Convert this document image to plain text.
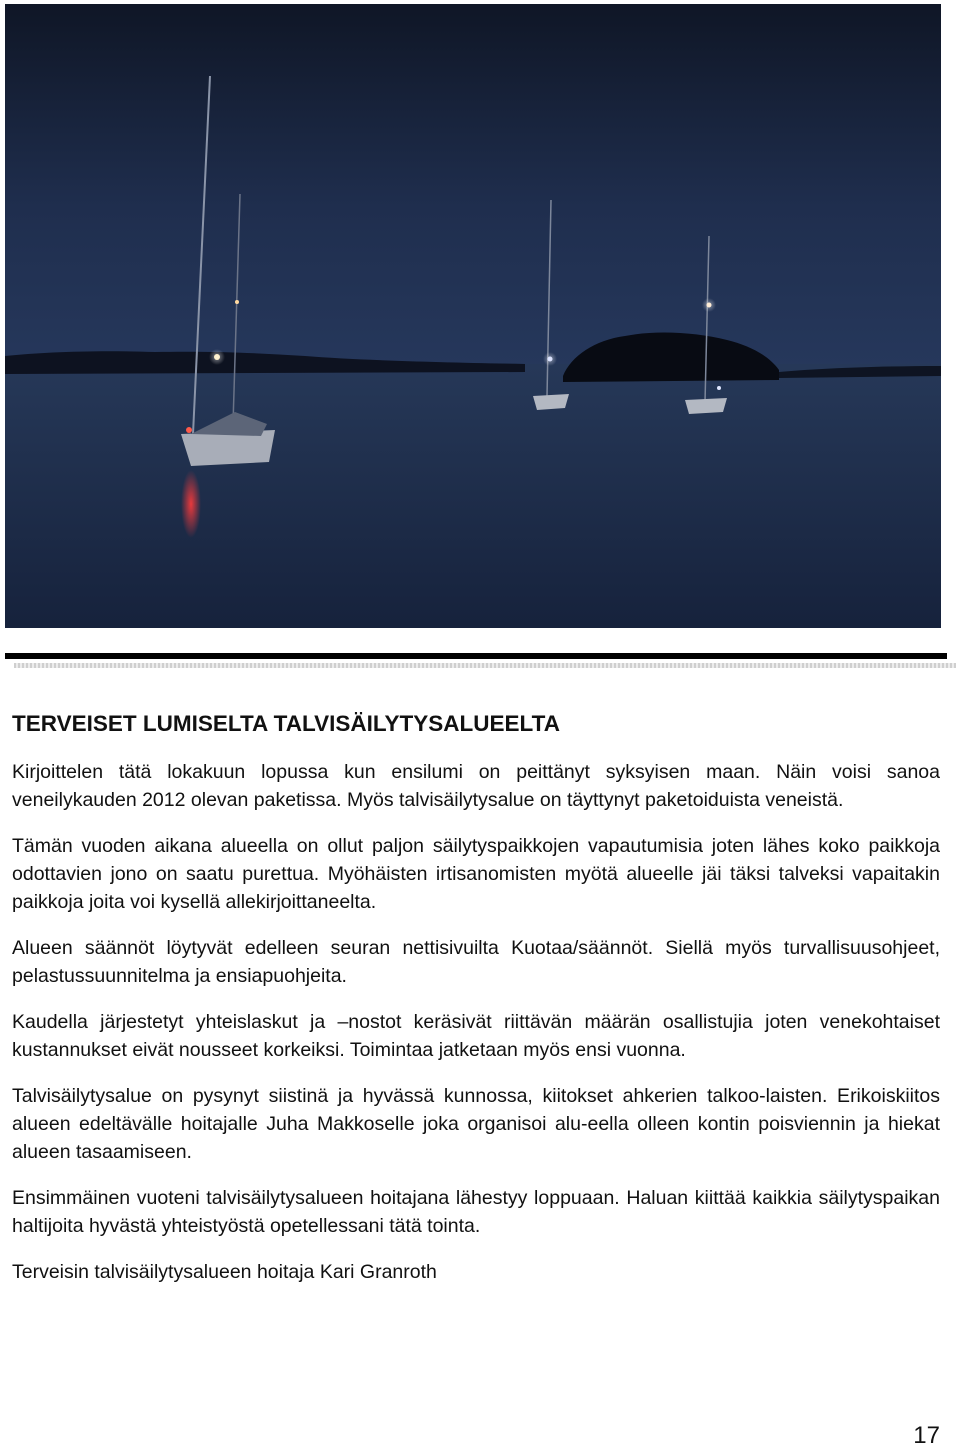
TERVEISET LUMISELTA TALVISÄILYTYSALUEELTA

Kirjoittelen tätä lokakuun lopussa kun ensilumi on peittänyt syksyisen maan. Näin voisi sanoa veneilykauden 2012 olevan paketissa. Myös talvisäilytysalue on täyttynyt paketoiduista veneistä.

Tämän vuoden aikana alueella on ollut paljon säilytyspaikkojen vapautumisia joten lähes koko paikkoja odottavien jono on saatu purettua. Myöhäisten irtisanomisten myötä alueelle jäi täksi talveksi vapaitakin paikkoja joita voi kysellä allekirjoittaneelta.

Alueen säännöt löytyvät edelleen seuran nettisivuilta Kuotaa/säännöt. Siellä myös turvallisuusohjeet, pelastussuunnitelma ja ensiapuohjeita.

Kaudella järjestetyt yhteislaskut ja –nostot keräsivät riittävän määrän osallistujia joten venekohtaiset kustannukset eivät nousseet korkeiksi. Toimintaa jatketaan myös ensi vuonna.

Talvisäilytysalue on pysynyt siistinä ja hyvässä kunnossa, kiitokset ahkerien talkoo-laisten. Erikoiskiitos alueen edeltävälle hoitajalle Juha Makkoselle joka organisoi alu-eella olleen kontin poisviennin ja hiekat alueen tasaamiseen.

Ensimmäinen vuoteni talvisäilytysalueen hoitajana lähestyy loppuaan. Haluan kiittää kaikkia säilytyspaikan haltijoita hyvästä yhteistyöstä opetellessani tätä tointa.

Terveisin talvisäilytysalueen hoitaja Kari Granroth

17
